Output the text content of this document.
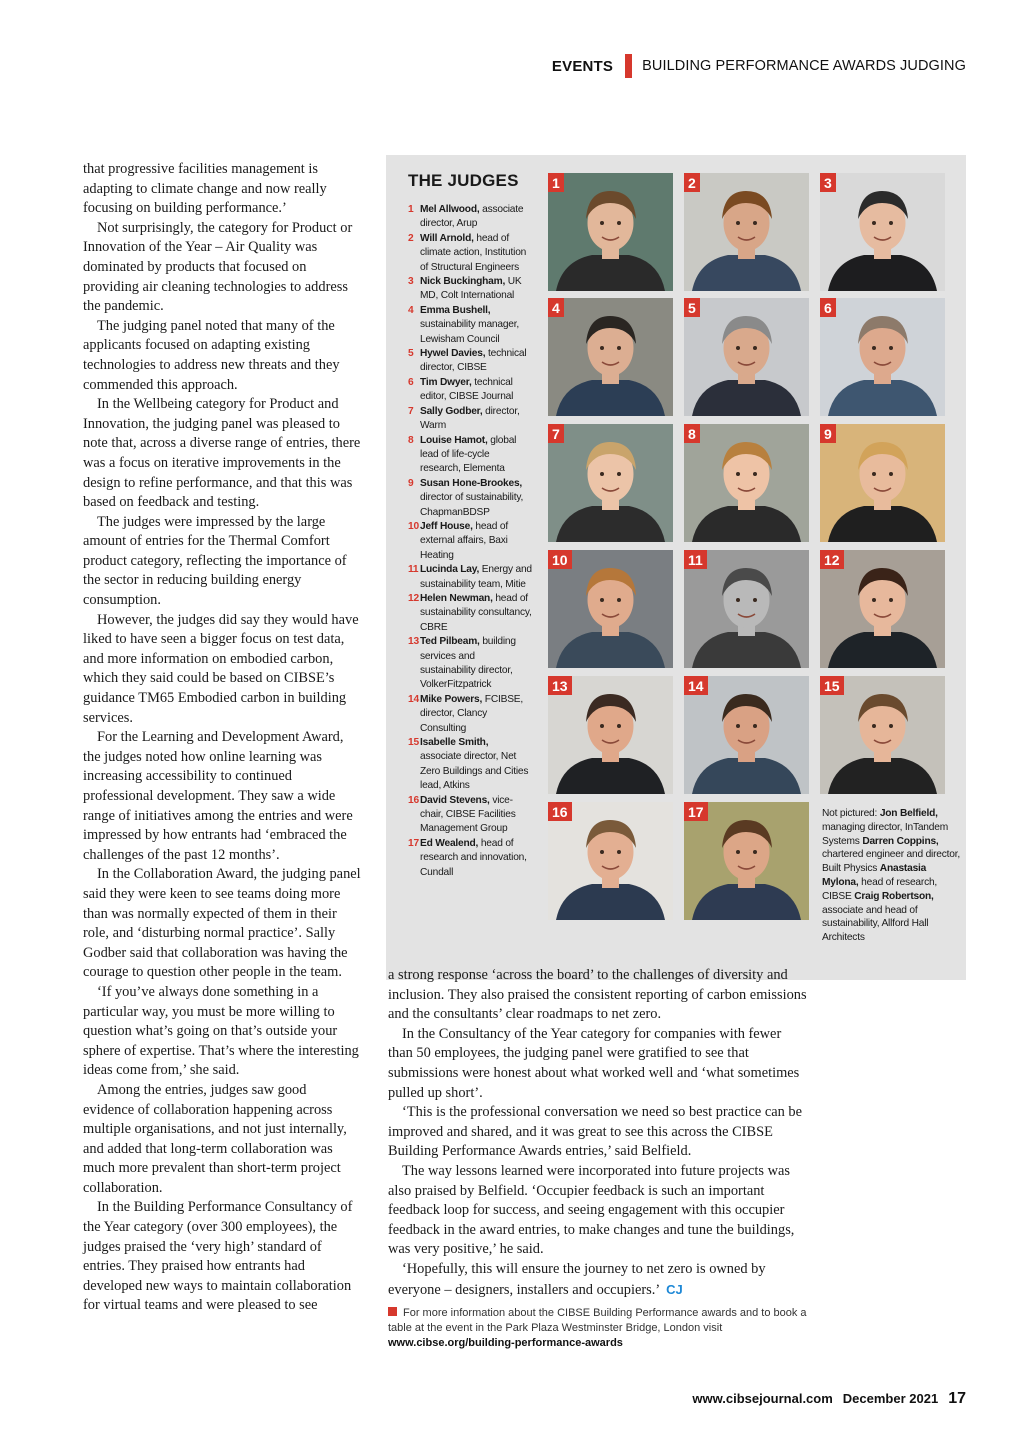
EVENTS BUILDING PERFORMANCE AWARDS JUDGING

that progressive facilities management is adapting to climate change and now really focusing on building performance.’

Not surprisingly, the category for Product or Innovation of the Year – Air Quality was dominated by products that focused on providing air cleaning technologies to address the pandemic.

The judging panel noted that many of the applicants focused on adapting existing technologies to address new threats and they commended this approach.

In the Wellbeing category for Product and Innovation, the judging panel was pleased to note that, across a diverse range of entries, there was a focus on iterative improvements in the design to refine performance, and that this was based on feedback and testing.

The judges were impressed by the large amount of entries for the Thermal Comfort product category, reflecting the importance of the sector in reducing building energy consumption.

However, the judges did say they would have liked to have seen a bigger focus on test data, and more information on embodied carbon, which they said could be based on CIBSE’s guidance TM65 Embodied carbon in building services.

For the Learning and Development Award, the judges noted how online learning was increasing accessibility to continued professional development. They saw a wide range of initiatives among the entries and were impressed by how entrants had ‘embraced the challenges of the past 12 months’.

In the Collaboration Award, the judging panel said they were keen to see teams doing more than was normally expected of them in their role, and ‘disturbing normal practice’. Sally Godber said that collaboration was having the courage to question other people in the team.

‘If you’ve always done something in a particular way, you must be more willing to question what’s going on that’s outside your sphere of expertise. That’s where the interesting ideas come from,’ she said.

Among the entries, judges saw good evidence of collaboration happening across multiple organisations, and not just internally, and added that long-term collaboration was much more prevalent than short-term project collaboration.

In the Building Performance Consultancy of the Year category (over 300 employees), the judges praised the ‘very high’ standard of entries. They praised how entrants had developed new ways to maintain collaboration for virtual teams and were pleased to see

THE JUDGES

1 Mel Allwood, associate director, Arup

2 Will Arnold, head of climate action, Institution of Structural Engineers

3 Nick Buckingham, UK MD, Colt International

4 Emma Bushell, sustainability manager, Lewisham Council

5 Hywel Davies, technical director, CIBSE

6 Tim Dwyer, technical editor, CIBSE Journal

7 Sally Godber, director, Warm

8 Louise Hamot, global lead of life-cycle research, Elementa

9 Susan Hone-Brookes, director of sustainability, ChapmanBDSP

10Jeff House, head of external affairs, Baxi Heating

11 Lucinda Lay, Energy and sustainability team, Mitie

12Helen Newman, head of sustainability consultancy, CBRE

13Ted Pilbeam, building services and sustainability director, VolkerFitzpatrick

14Mike Powers, FCIBSE, director, Clancy Consulting

15Isabelle Smith, associate director, Net Zero Buildings and Cities lead, Atkins

16David Stevens, vice-chair, CIBSE Facilities Management Group

17Ed Wealend, head of research and innovation, Cundall

1	2	3
4	5	6
7	8	9
10	11	12
13	14	15
16	17	Not pictured: Jon Belfield, managing director, InTandem Systems Darren Coppins, chartered engineer and director, Built Physics Anastasia Mylona, head of research, CIBSE Craig Robertson, associate and head of sustainability, Allford Hall Architects

a strong response ‘across the board’ to the challenges of diversity and inclusion. They also praised the consistent reporting of carbon emissions and the consultants’ clear roadmaps to net zero.

In the Consultancy of the Year category for companies with fewer than 50 employees, the judging panel were gratified to see that submissions were honest about what worked well and ‘what sometimes pulled up short’.

‘This is the professional conversation we need so best practice can be improved and shared, and it was great to see this across the CIBSE Building Performance Awards entries,’ said Belfield.

The way lessons learned were incorporated into future projects was also praised by Belfield. ‘Occupier feedback is such an important feedback loop for success, and seeing engagement with this occupier feedback in the award entries, to make changes and tune the buildings, was very positive,’ he said.

‘Hopefully, this will ensure the journey to net zero is owned by everyone – designers, installers and occupiers.’ CJ

For more information about the CIBSE Building Performance awards and to book a table at the event in the Park Plaza Westminster Bridge, London visit
www.cibse.org/building-performance-awards
www.cibsejournal.com December 2021 17
